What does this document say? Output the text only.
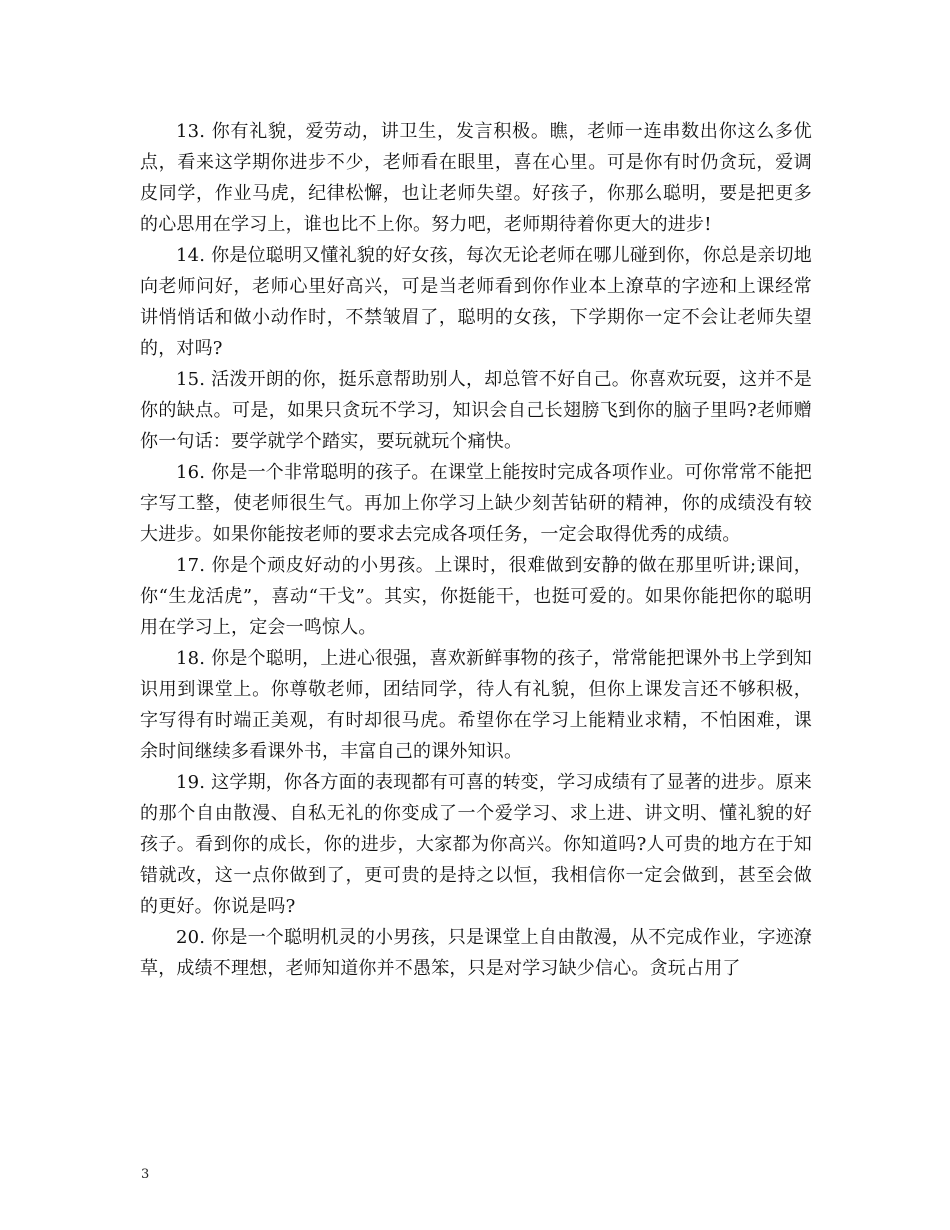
13. 你有礼貌，爱劳动，讲卫生，发言积极。瞧，老师一连串数出你这么多优点，看来这学期你进步不少，老师看在眼里，喜在心里。可是你有时仍贪玩，爱调皮同学，作业马虎，纪律松懈，也让老师失望。好孩子，你那么聪明，要是把更多的心思用在学习上，谁也比不上你。努力吧，老师期待着你更大的进步!

14. 你是位聪明又懂礼貌的好女孩，每次无论老师在哪儿碰到你，你总是亲切地向老师问好，老师心里好高兴，可是当老师看到你作业本上潦草的字迹和上课经常讲悄悄话和做小动作时，不禁皱眉了，聪明的女孩，下学期你一定不会让老师失望的，对吗?

15. 活泼开朗的你，挺乐意帮助别人，却总管不好自己。你喜欢玩耍，这并不是你的缺点。可是，如果只贪玩不学习，知识会自己长翅膀飞到你的脑子里吗?老师赠你一句话：要学就学个踏实，要玩就玩个痛快。

16. 你是一个非常聪明的孩子。在课堂上能按时完成各项作业。可你常常不能把字写工整，使老师很生气。再加上你学习上缺少刻苦钻研的精神，你的成绩没有较大进步。如果你能按老师的要求去完成各项任务，一定会取得优秀的成绩。

17. 你是个顽皮好动的小男孩。上课时，很难做到安静的做在那里听讲;课间，你“生龙活虎”，喜动“干戈”。其实，你挺能干，也挺可爱的。如果你能把你的聪明用在学习上，定会一鸣惊人。

18. 你是个聪明，上进心很强，喜欢新鲜事物的孩子，常常能把课外书上学到知识用到课堂上。你尊敬老师，团结同学，待人有礼貌，但你上课发言还不够积极，字写得有时端正美观，有时却很马虎。希望你在学习上能精业求精，不怕困难，课余时间继续多看课外书，丰富自己的课外知识。

19. 这学期，你各方面的表现都有可喜的转变，学习成绩有了显著的进步。原来的那个自由散漫、自私无礼的你变成了一个爱学习、求上进、讲文明、懂礼貌的好孩子。看到你的成长，你的进步，大家都为你高兴。你知道吗?人可贵的地方在于知错就改，这一点你做到了，更可贵的是持之以恒，我相信你一定会做到，甚至会做的更好。你说是吗?

20. 你是一个聪明机灵的小男孩，只是课堂上自由散漫，从不完成作业，字迹潦草，成绩不理想，老师知道你并不愚笨，只是对学习缺少信心。贪玩占用了

3
